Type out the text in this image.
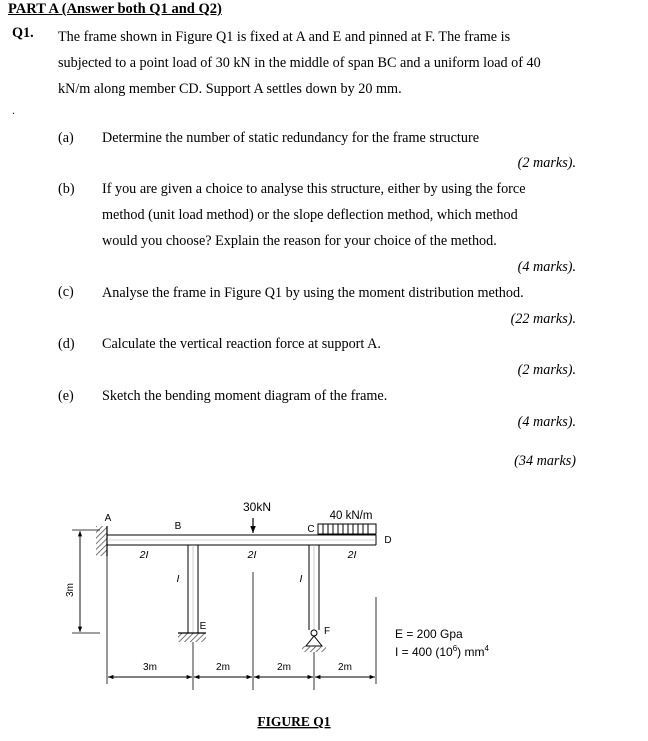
PART A (Answer both Q1 and Q2)
Q1. The frame shown in Figure Q1 is fixed at A and E and pinned at F. The frame is
subjected to a point load of 30 kN in the middle of span BC and a uniform load of 40
kN/m along member CD. Support A settles down by 20 mm.
.
(a) Determine the number of static redundancy for the frame structure
(2 marks).
(b) If you are given a choice to analyse this structure, either by using the force
method (unit load method) or the slope deflection method, which method
would you choose? Explain the reason for your choice of the method.
(4 marks).
(c) Analyse the frame in Figure Q1 by using the moment distribution method.
(22 marks).
(d) Calculate the vertical reaction force at support A.
(2 marks).
(e) Sketch the bending moment diagram of the frame.
(4 marks).
(34 marks)
30kN
40 kN/m
A
B	C
D
E	F
2I	2I	2I
I	I
3m
3m	2m	2m	2m
E = 200 Gpa
I = 400 $(10^6)$ $mm^4$
FIGURE Q1
